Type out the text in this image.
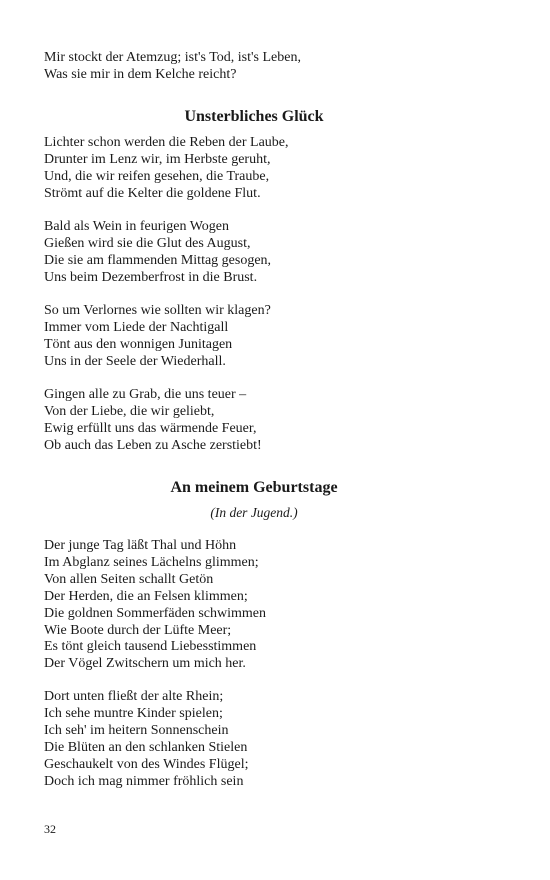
Mir stockt der Atemzug; ist's Tod, ist's Leben,
Was sie mir in dem Kelche reicht?
Unsterbliches Glück
Lichter schon werden die Reben der Laube,
Drunter im Lenz wir, im Herbste geruht,
Und, die wir reifen gesehen, die Traube,
Strömt auf die Kelter die goldene Flut.
Bald als Wein in feurigen Wogen
Gießen wird sie die Glut des August,
Die sie am flammenden Mittag gesogen,
Uns beim Dezemberfrost in die Brust.
So um Verlornes wie sollten wir klagen?
Immer vom Liede der Nachtigall
Tönt aus den wonnigen Junitagen
Uns in der Seele der Wiederhall.
Gingen alle zu Grab, die uns teuer –
Von der Liebe, die wir geliebt,
Ewig erfüllt uns das wärmende Feuer,
Ob auch das Leben zu Asche zerstiebt!
An meinem Geburtstage
(In der Jugend.)
Der junge Tag läßt Thal und Höhn
Im Abglanz seines Lächelns glimmen;
Von allen Seiten schallt Getön
Der Herden, die an Felsen klimmen;
Die goldnen Sommerfäden schwimmen
Wie Boote durch der Lüfte Meer;
Es tönt gleich tausend Liebesstimmen
Der Vögel Zwitschern um mich her.
Dort unten fließt der alte Rhein;
Ich sehe muntre Kinder spielen;
Ich seh' im heitern Sonnenschein
Die Blüten an den schlanken Stielen
Geschaukelt von des Windes Flügel;
Doch ich mag nimmer fröhlich sein
32
